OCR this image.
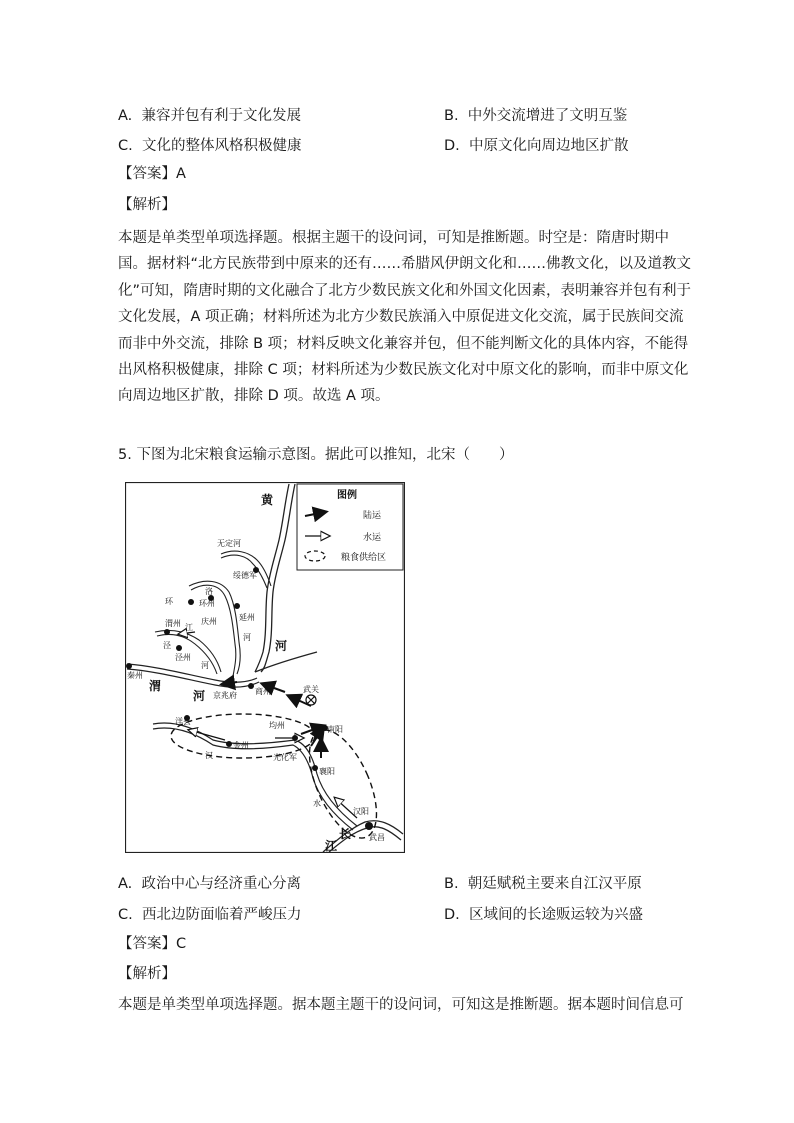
A. 兼容并包有利于文化发展	B. 中外交流增进了文明互鉴
C. 文化的整体风格积极健康	D. 中原文化向周边地区扩散
【答案】A
【解析】
本题是单类型单项选择题。根据主题干的设问词，可知是推断题。时空是：隋唐时期中
国。据材料“北方民族带到中原来的还有……希腊风伊朗文化和……佛教文化，以及道教文
化”可知，隋唐时期的文化融合了北方少数民族文化和外国文化因素，表明兼容并包有利于
文化发展，A 项正确；材料所述为北方少数民族涌入中原促进文化交流，属于民族间交流
而非中外交流，排除 B 项；材料反映文化兼容并包，但不能判断文化的具体内容，不能得
出风格积极健康，排除 C 项；材料所述为少数民族文化对中原文化的影响，而非中原文化
向周边地区扩散，排除 D 项。故选 A 项。
5. 下图为北宋粮食运输示意图。据此可以推知，北宋（　　）
图例
陆运
水运
粮食供给区
黄
河
无定河
绥德军
洛
环	环州
庆州	延州
渭州 江
河
泾
泾州
河
秦州
渭
河 京兆府 商州	武关
洋县	均州	南阳
金州
汉	光化军
襄阳
水
汉阳
长 武昌
江
A. 政治中心与经济重心分离	B. 朝廷赋税主要来自江汉平原
C. 西北边防面临着严峻压力	D. 区域间的长途贩运较为兴盛
【答案】C
【解析】
本题是单类型单项选择题。据本题主题干的设问词，可知这是推断题。据本题时间信息可
